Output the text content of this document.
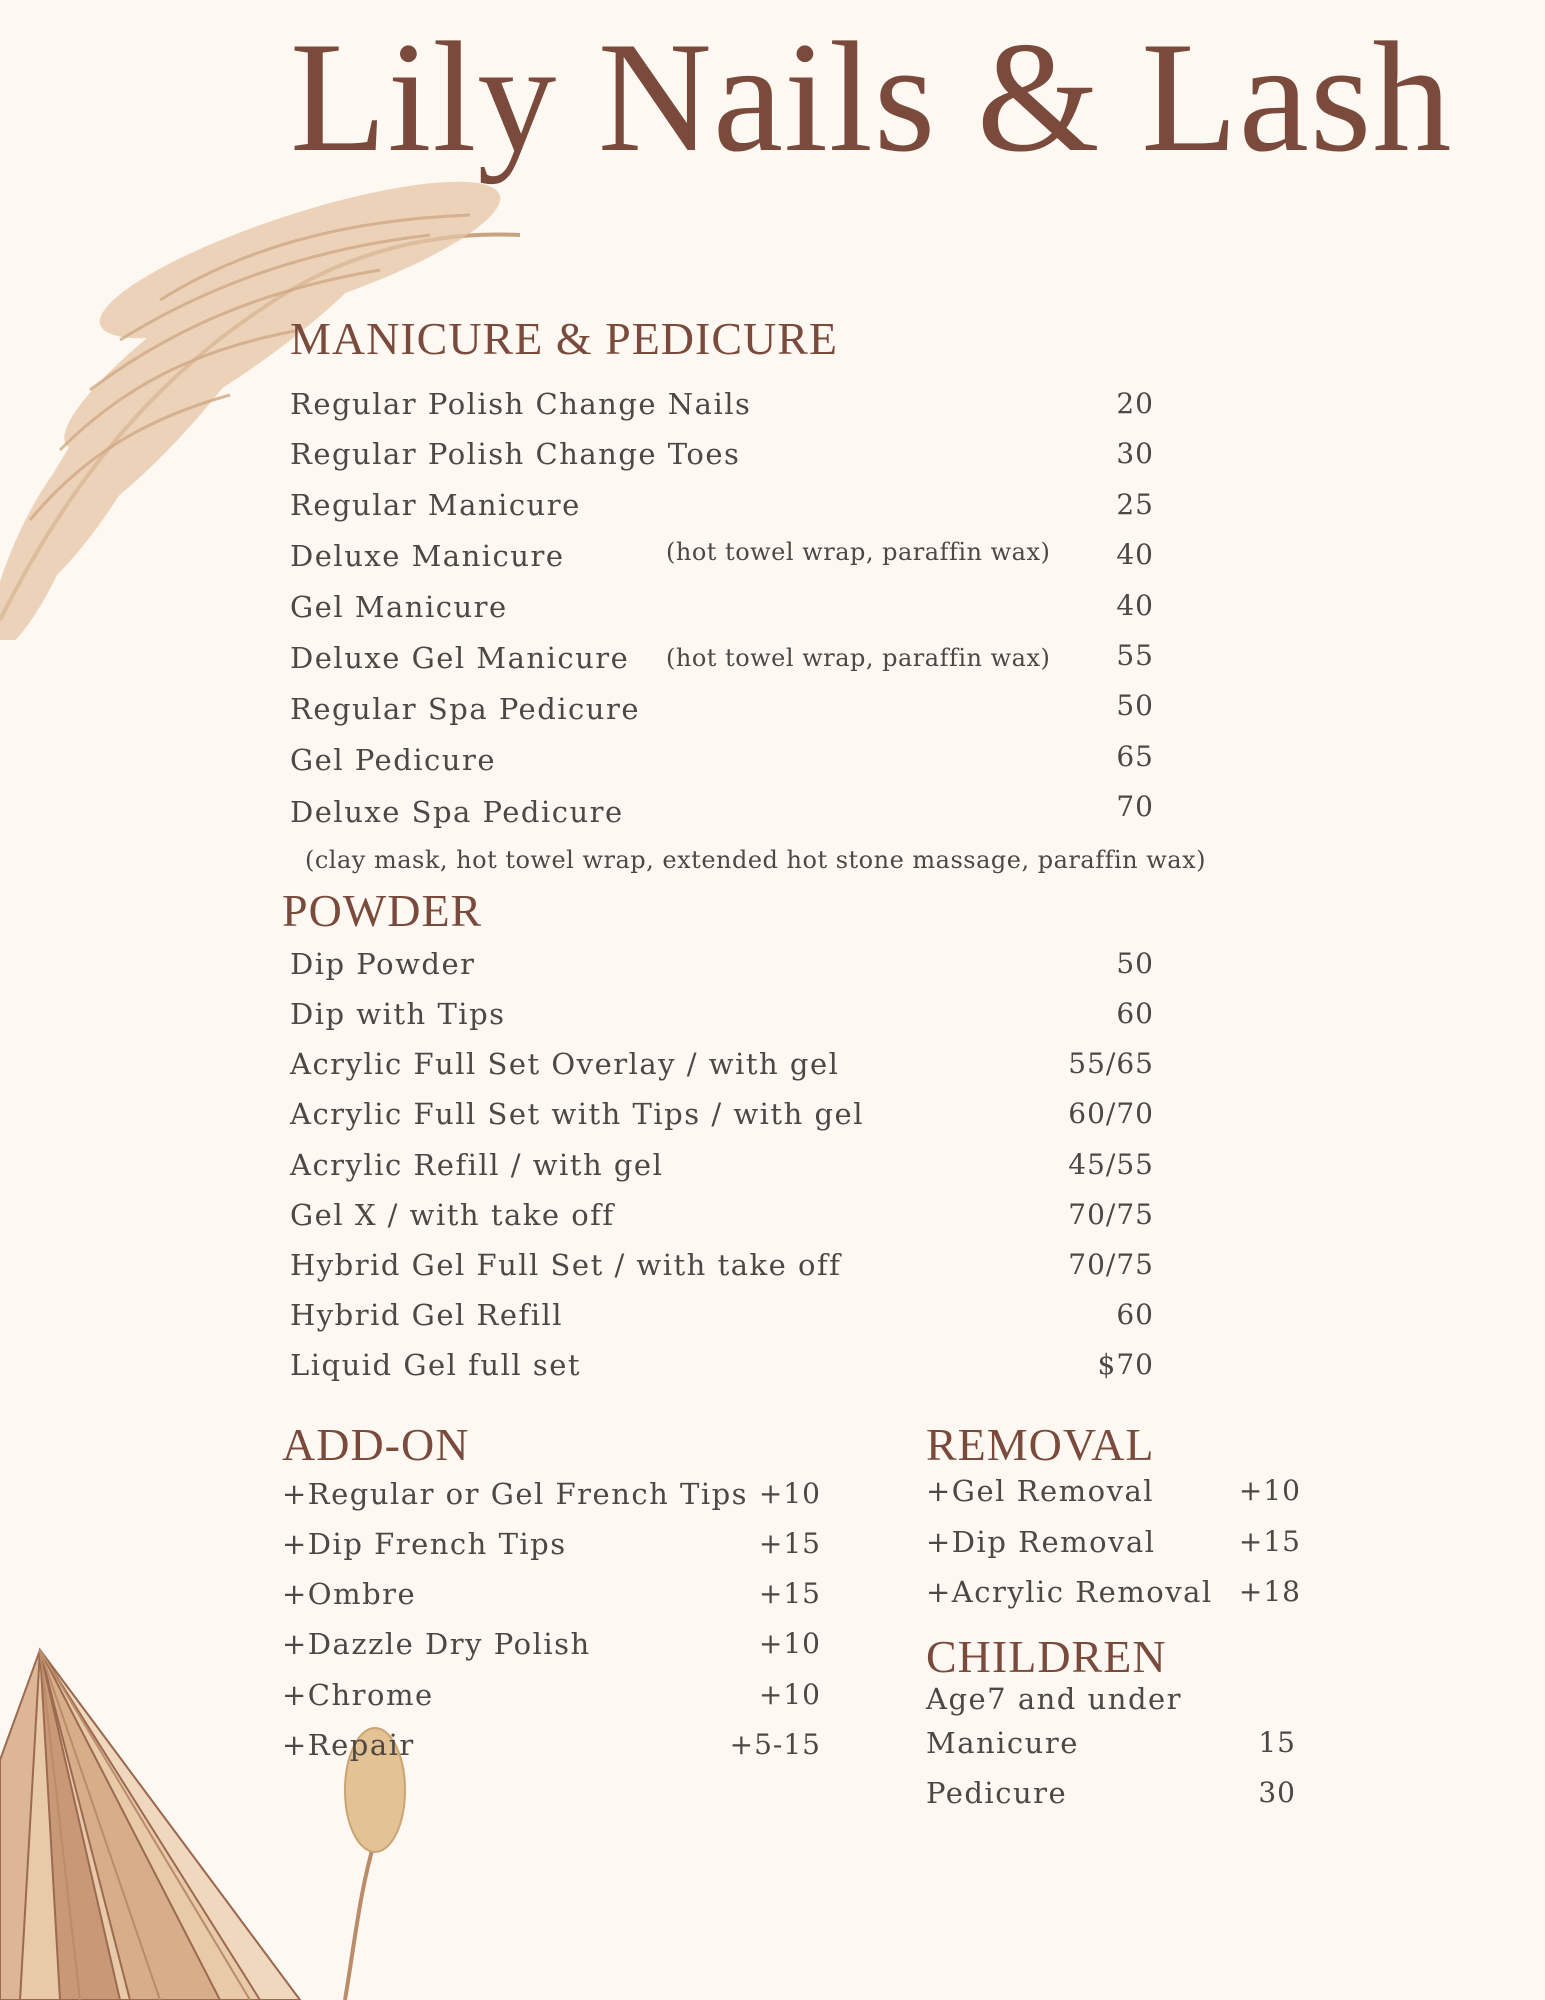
Lily Nails & Lash
MANICURE & PEDICURE
Regular Polish Change Nails	20
Regular Polish Change Toes	30
Regular Manicure	25
Deluxe Manicure	(hot towel wrap, paraffin wax) 40
Gel Manicure	40
Deluxe Gel Manicure (hot towel wrap, paraffin wax) 55
Regular Spa Pedicure	50
Gel Pedicure	65
Deluxe Spa Pedicure	70
(clay mask, hot towel wrap, extended hot stone massage, paraffin wax)
POWDER
Dip Powder	50
Dip with Tips	60
Acrylic Full Set Overlay / with gel	55/65
Acrylic Full Set with Tips / with gel	60/70
Acrylic Refill / with gel	45/55
Gel X / with take off	70/75
Hybrid Gel Full Set / with take off	70/75
Hybrid Gel Refill	60
Liquid Gel full set	$70
ADD-ON
+Regular or Gel French Tips +10
+Dip French Tips	+15
+Ombre	+15
+Dazzle Dry Polish	+10
+Chrome	+10
+Repair	+5-15
REMOVAL
+Gel Removal	+10
+Dip Removal	+15
+Acrylic Removal +18
CHILDREN
Age7 and under
Manicure	15
Pedicure	30
